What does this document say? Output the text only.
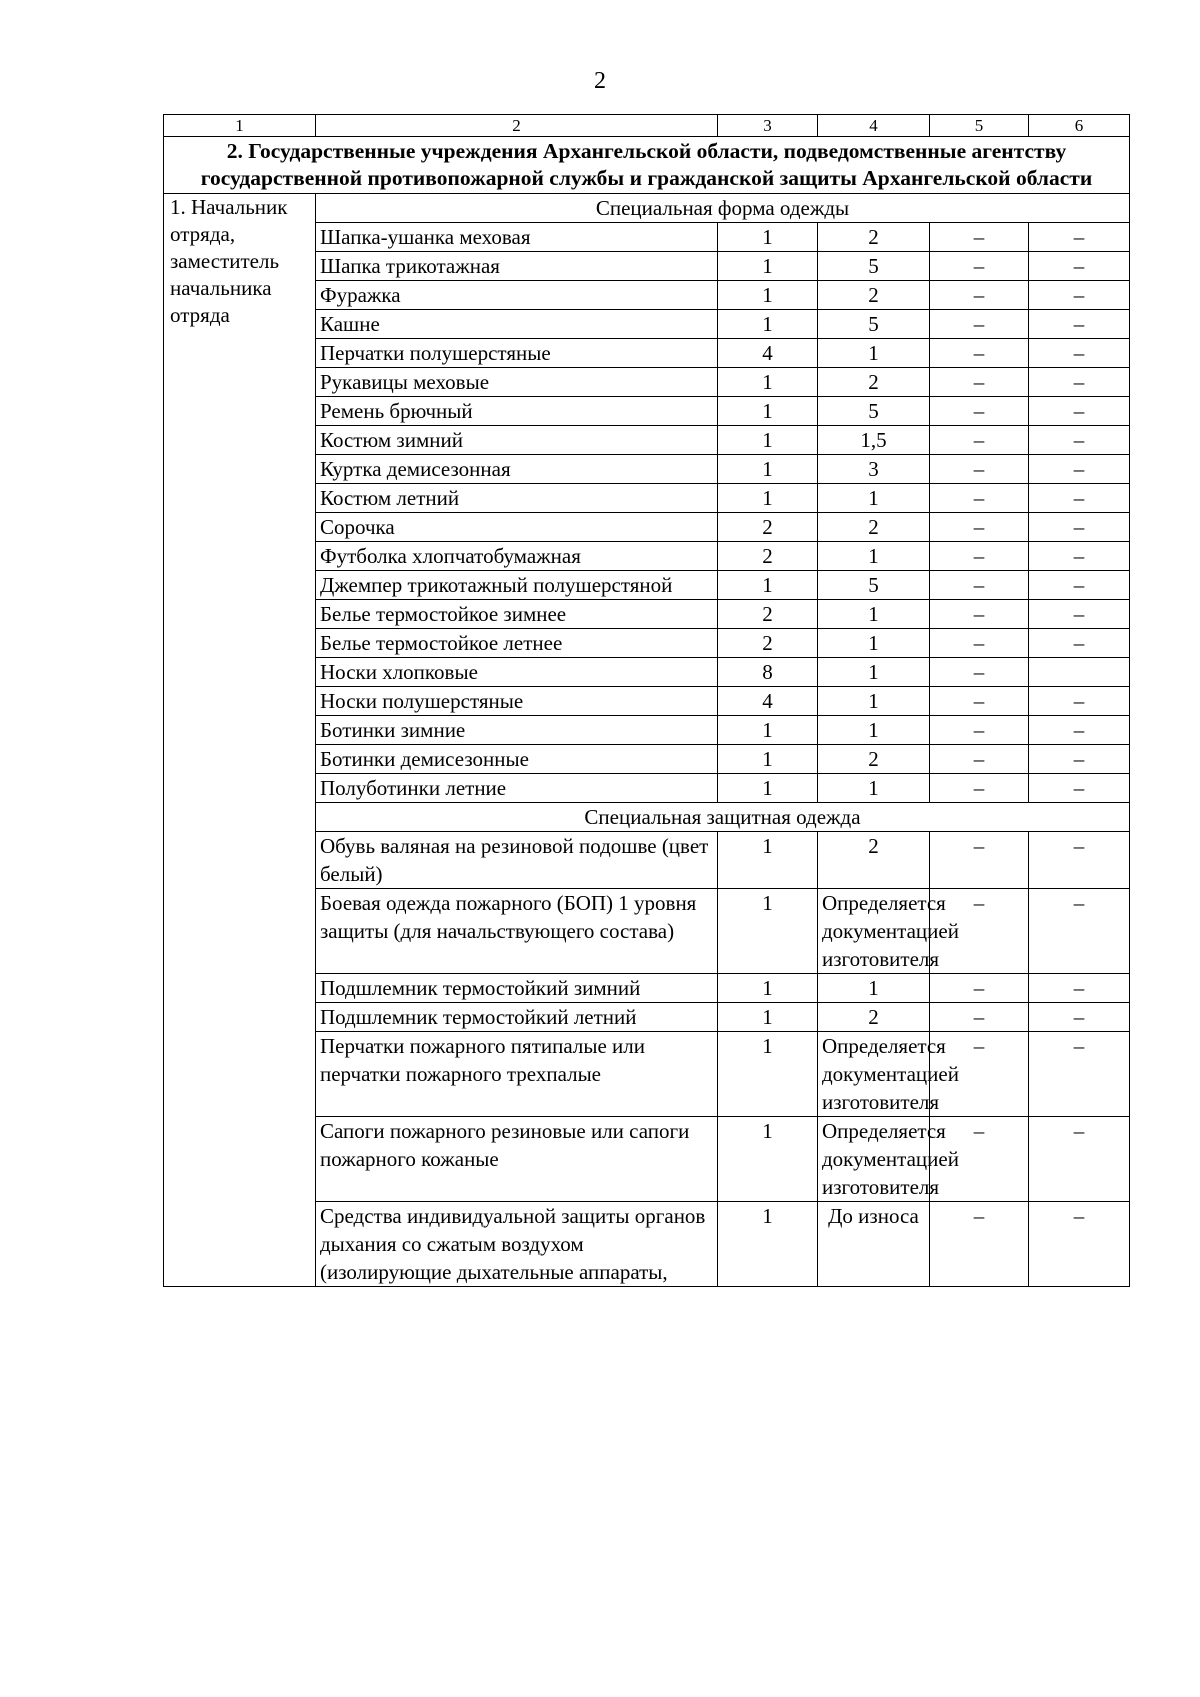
2
1	2	3	4	5	6
2. Государственные учреждения Архангельской области, подведомственные агентству государственной противопожарной службы и гражданской защиты Архангельской области					
1. Начальник отряда, заместитель начальника отряда	Специальная форма одежды				
	Шапка-ушанка меховая	1	2	–	–
	Шапка трикотажная	1	5	–	–
	Фуражка	1	2	–	–
	Кашне	1	5	–	–
	Перчатки полушерстяные	4	1	–	–
	Рукавицы меховые	1	2	–	–
	Ремень брючный	1	5	–	–
	Костюм зимний	1	1,5	–	–
	Куртка демисезонная	1	3	–	–
	Костюм летний	1	1	–	–
	Сорочка	2	2	–	–
	Футболка хлопчатобумажная	2	1	–	–
	Джемпер трикотажный полушерстяной	1	5	–	–
	Белье термостойкое зимнее	2	1	–	–
	Белье термостойкое летнее	2	1	–	–
	Носки хлопковые	8	1	–	
	Носки полушерстяные	4	1	–	–
	Ботинки зимние	1	1	–	–
	Ботинки демисезонные	1	2	–	–
	Полуботинки летние	1	1	–	–
	Специальная защитная одежда				
	Обувь валяная на резиновой подошве (цвет белый)	1	2	–	–
	Боевая одежда пожарного (БОП) 1 уровня защиты (для начальствующего состава)	1	Определяется документацией изготовителя	–	–
	Подшлемник термостойкий зимний	1	1	–	–
	Подшлемник термостойкий летний	1	2	–	–
	Перчатки пожарного пятипалые или перчатки пожарного трехпалые	1	Определяется документацией изготовителя	–	–
	Сапоги пожарного резиновые или сапоги пожарного кожаные	1	Определяется документацией изготовителя	–	–
	Средства индивидуальной защиты органов дыхания со сжатым воздухом (изолирующие дыхательные аппараты,	1	До износа	–	–
